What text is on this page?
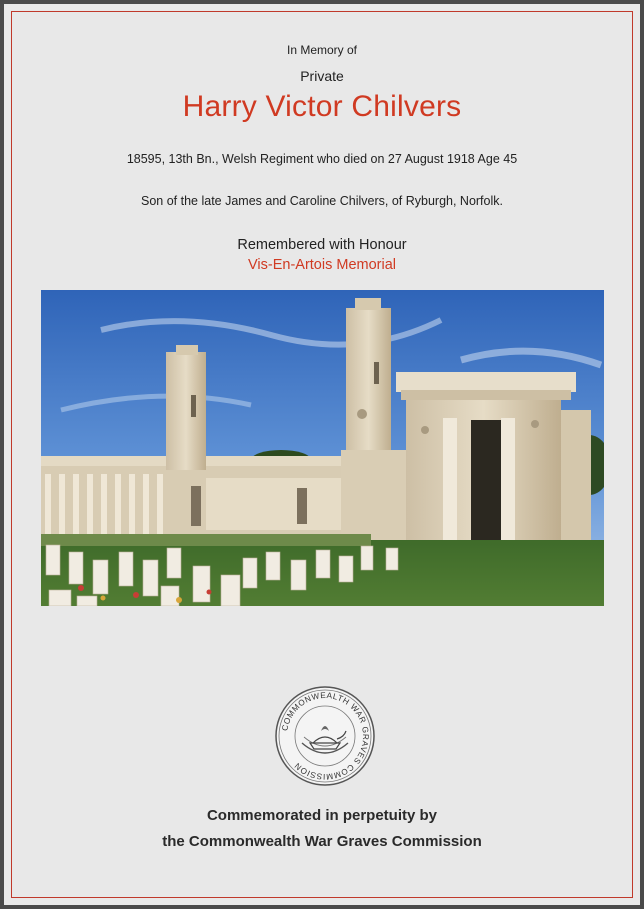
In Memory of
Private
Harry Victor Chilvers
18595, 13th Bn., Welsh Regiment who died on 27 August 1918 Age 45
Son of the late James and Caroline Chilvers, of Ryburgh, Norfolk.
Remembered with Honour
Vis-En-Artois Memorial
COMMONWEALTH WAR GRAVES COMMISSION
Commemorated in perpetuity by
the Commonwealth War Graves Commission
